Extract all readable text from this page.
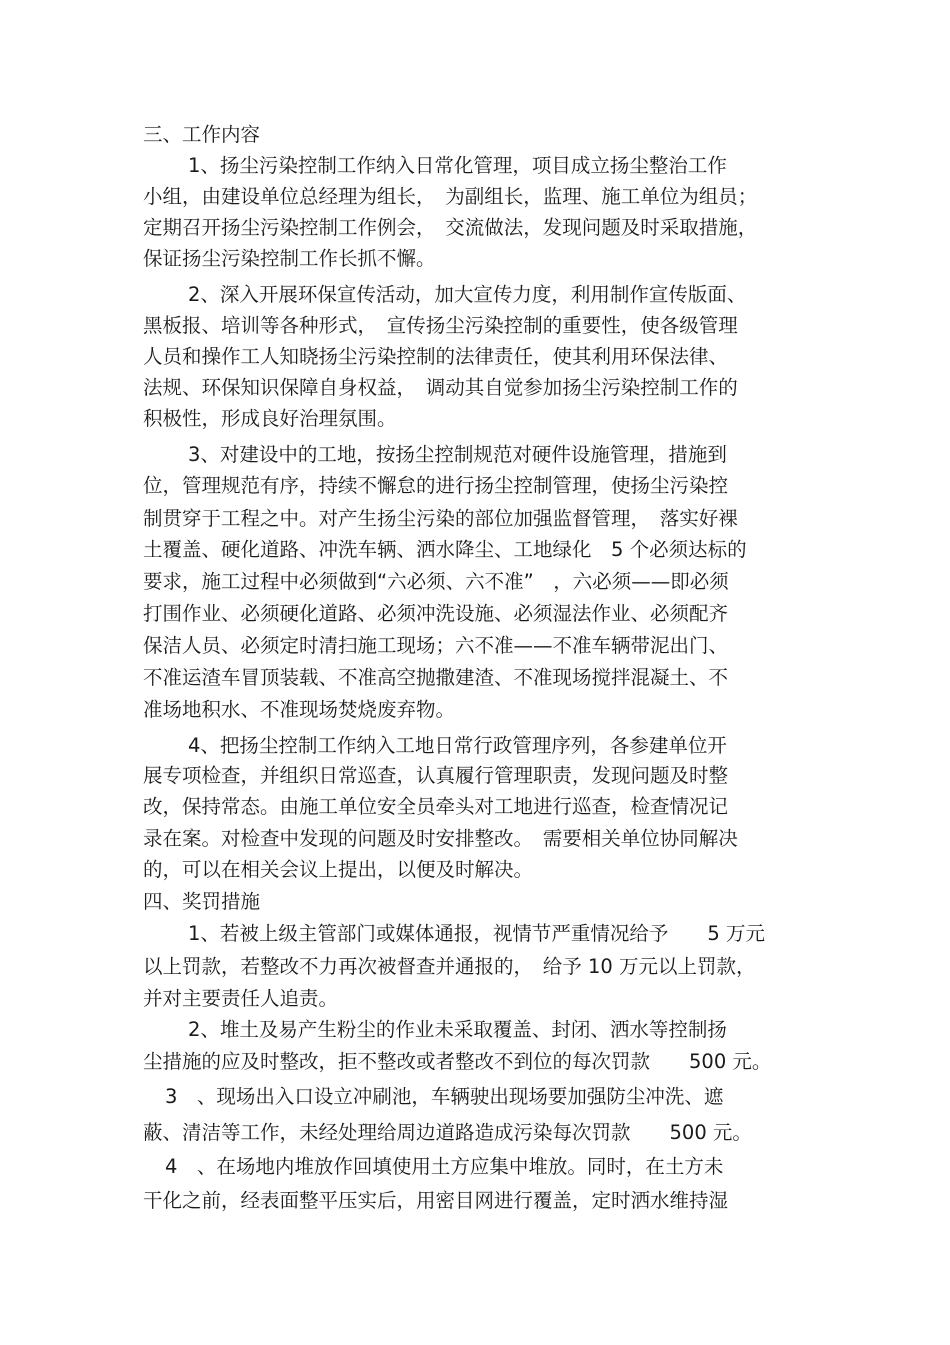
三、工作内容
1、扬尘污染控制工作纳入日常化管理，项目成立扬尘整治工作
小组，由建设单位总经理为组长，　为副组长，监理、施工单位为组员；
定期召开扬尘污染控制工作例会，　交流做法，发现问题及时采取措施，
保证扬尘污染控制工作长抓不懈。
2、深入开展环保宣传活动，加大宣传力度，利用制作宣传版面、
黑板报、培训等各种形式，　宣传扬尘污染控制的重要性，使各级管理
人员和操作工人知晓扬尘污染控制的法律责任，使其利用环保法律、
法规、环保知识保障自身权益，　调动其自觉参加扬尘污染控制工作的
积极性，形成良好治理氛围。
3、对建设中的工地，按扬尘控制规范对硬件设施管理，措施到
位，管理规范有序，持续不懈怠的进行扬尘控制管理，使扬尘污染控
制贯穿于工程之中。对产生扬尘污染的部位加强监督管理，　落实好裸
土覆盖、硬化道路、冲洗车辆、洒水降尘、工地绿化　5 个必须达标的
要求，施工过程中必须做到“六必须、六不准”　，六必须——即必须
打围作业、必须硬化道路、必须冲洗设施、必须湿法作业、必须配齐
保洁人员、必须定时清扫施工现场；六不准——不准车辆带泥出门、
不准运渣车冒顶装载、不准高空抛撒建渣、不准现场搅拌混凝土、不
准场地积水、不准现场焚烧废弃物。
4、把扬尘控制工作纳入工地日常行政管理序列，各参建单位开
展专项检查，并组织日常巡查，认真履行管理职责，发现问题及时整
改，保持常态。由施工单位安全员牵头对工地进行巡查，检查情况记
录在案。对检查中发现的问题及时安排整改。　需要相关单位协同解决
的，可以在相关会议上提出，以便及时解决。
四、奖罚措施
1、若被上级主管部门或媒体通报，视情节严重情况给予　　5 万元
以上罚款，若整改不力再次被督查并通报的，　给予 10 万元以上罚款，
并对主要责任人追责。
2、堆土及易产生粉尘的作业未采取覆盖、封闭、洒水等控制扬
尘措施的应及时整改，拒不整改或者整改不到位的每次罚款　　500 元。
3　、现场出入口设立冲刷池，车辆驶出现场要加强防尘冲洗、遮
蔽、清洁等工作，未经处理给周边道路造成污染每次罚款　　500 元。
4　、在场地内堆放作回填使用土方应集中堆放。同时，在土方未
干化之前，经表面整平压实后，用密目网进行覆盖，定时洒水维持湿
